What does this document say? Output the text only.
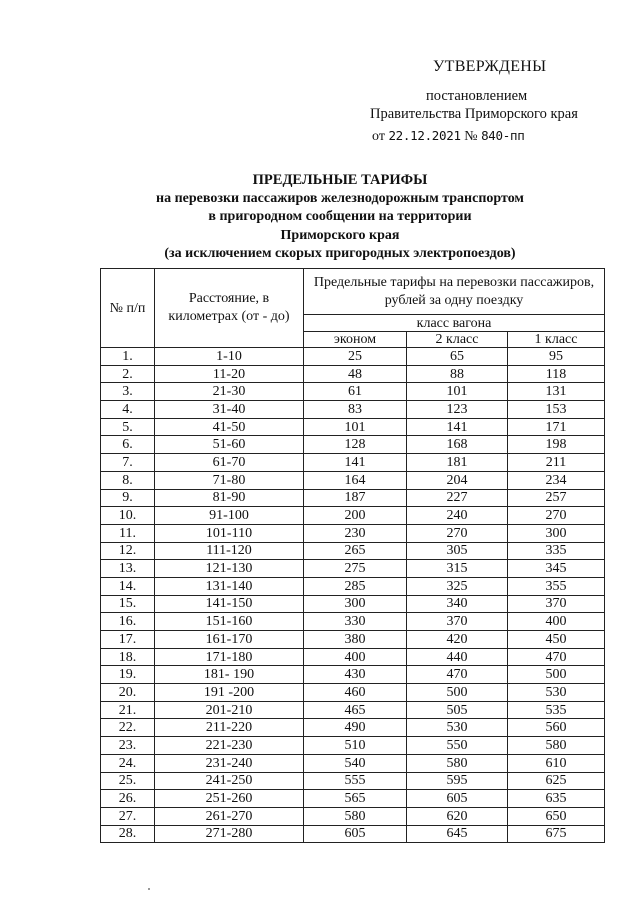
УТВЕРЖДЕНЫ
постановлением
Правительства Приморского края
от 22.12.2021 № 840-пп
ПРЕДЕЛЬНЫЕ ТАРИФЫ
на перевозки пассажиров железнодорожным транспортом
в пригородном сообщении на территории
Приморского края
(за исключением скорых пригородных электропоездов)
№ п/п	Расстояние, в километрах (от - до)	Предельные тарифы на перевозки пассажиров, рублей за одну поездку		
		класс вагона		
		эконом	2 класс	1 класс
1.	1-10	25	65	95
2.	11-20	48	88	118
3.	21-30	61	101	131
4.	31-40	83	123	153
5.	41-50	101	141	171
6.	51-60	128	168	198
7.	61-70	141	181	211
8.	71-80	164	204	234
9.	81-90	187	227	257
10.	91-100	200	240	270
11.	101-110	230	270	300
12.	111-120	265	305	335
13.	121-130	275	315	345
14.	131-140	285	325	355
15.	141-150	300	340	370
16.	151-160	330	370	400
17.	161-170	380	420	450
18.	171-180	400	440	470
19.	181- 190	430	470	500
20.	191 -200	460	500	530
21.	201-210	465	505	535
22.	211-220	490	530	560
23.	221-230	510	550	580
24.	231-240	540	580	610
25.	241-250	555	595	625
26.	251-260	565	605	635
27.	261-270	580	620	650
28.	271-280	605	645	675
